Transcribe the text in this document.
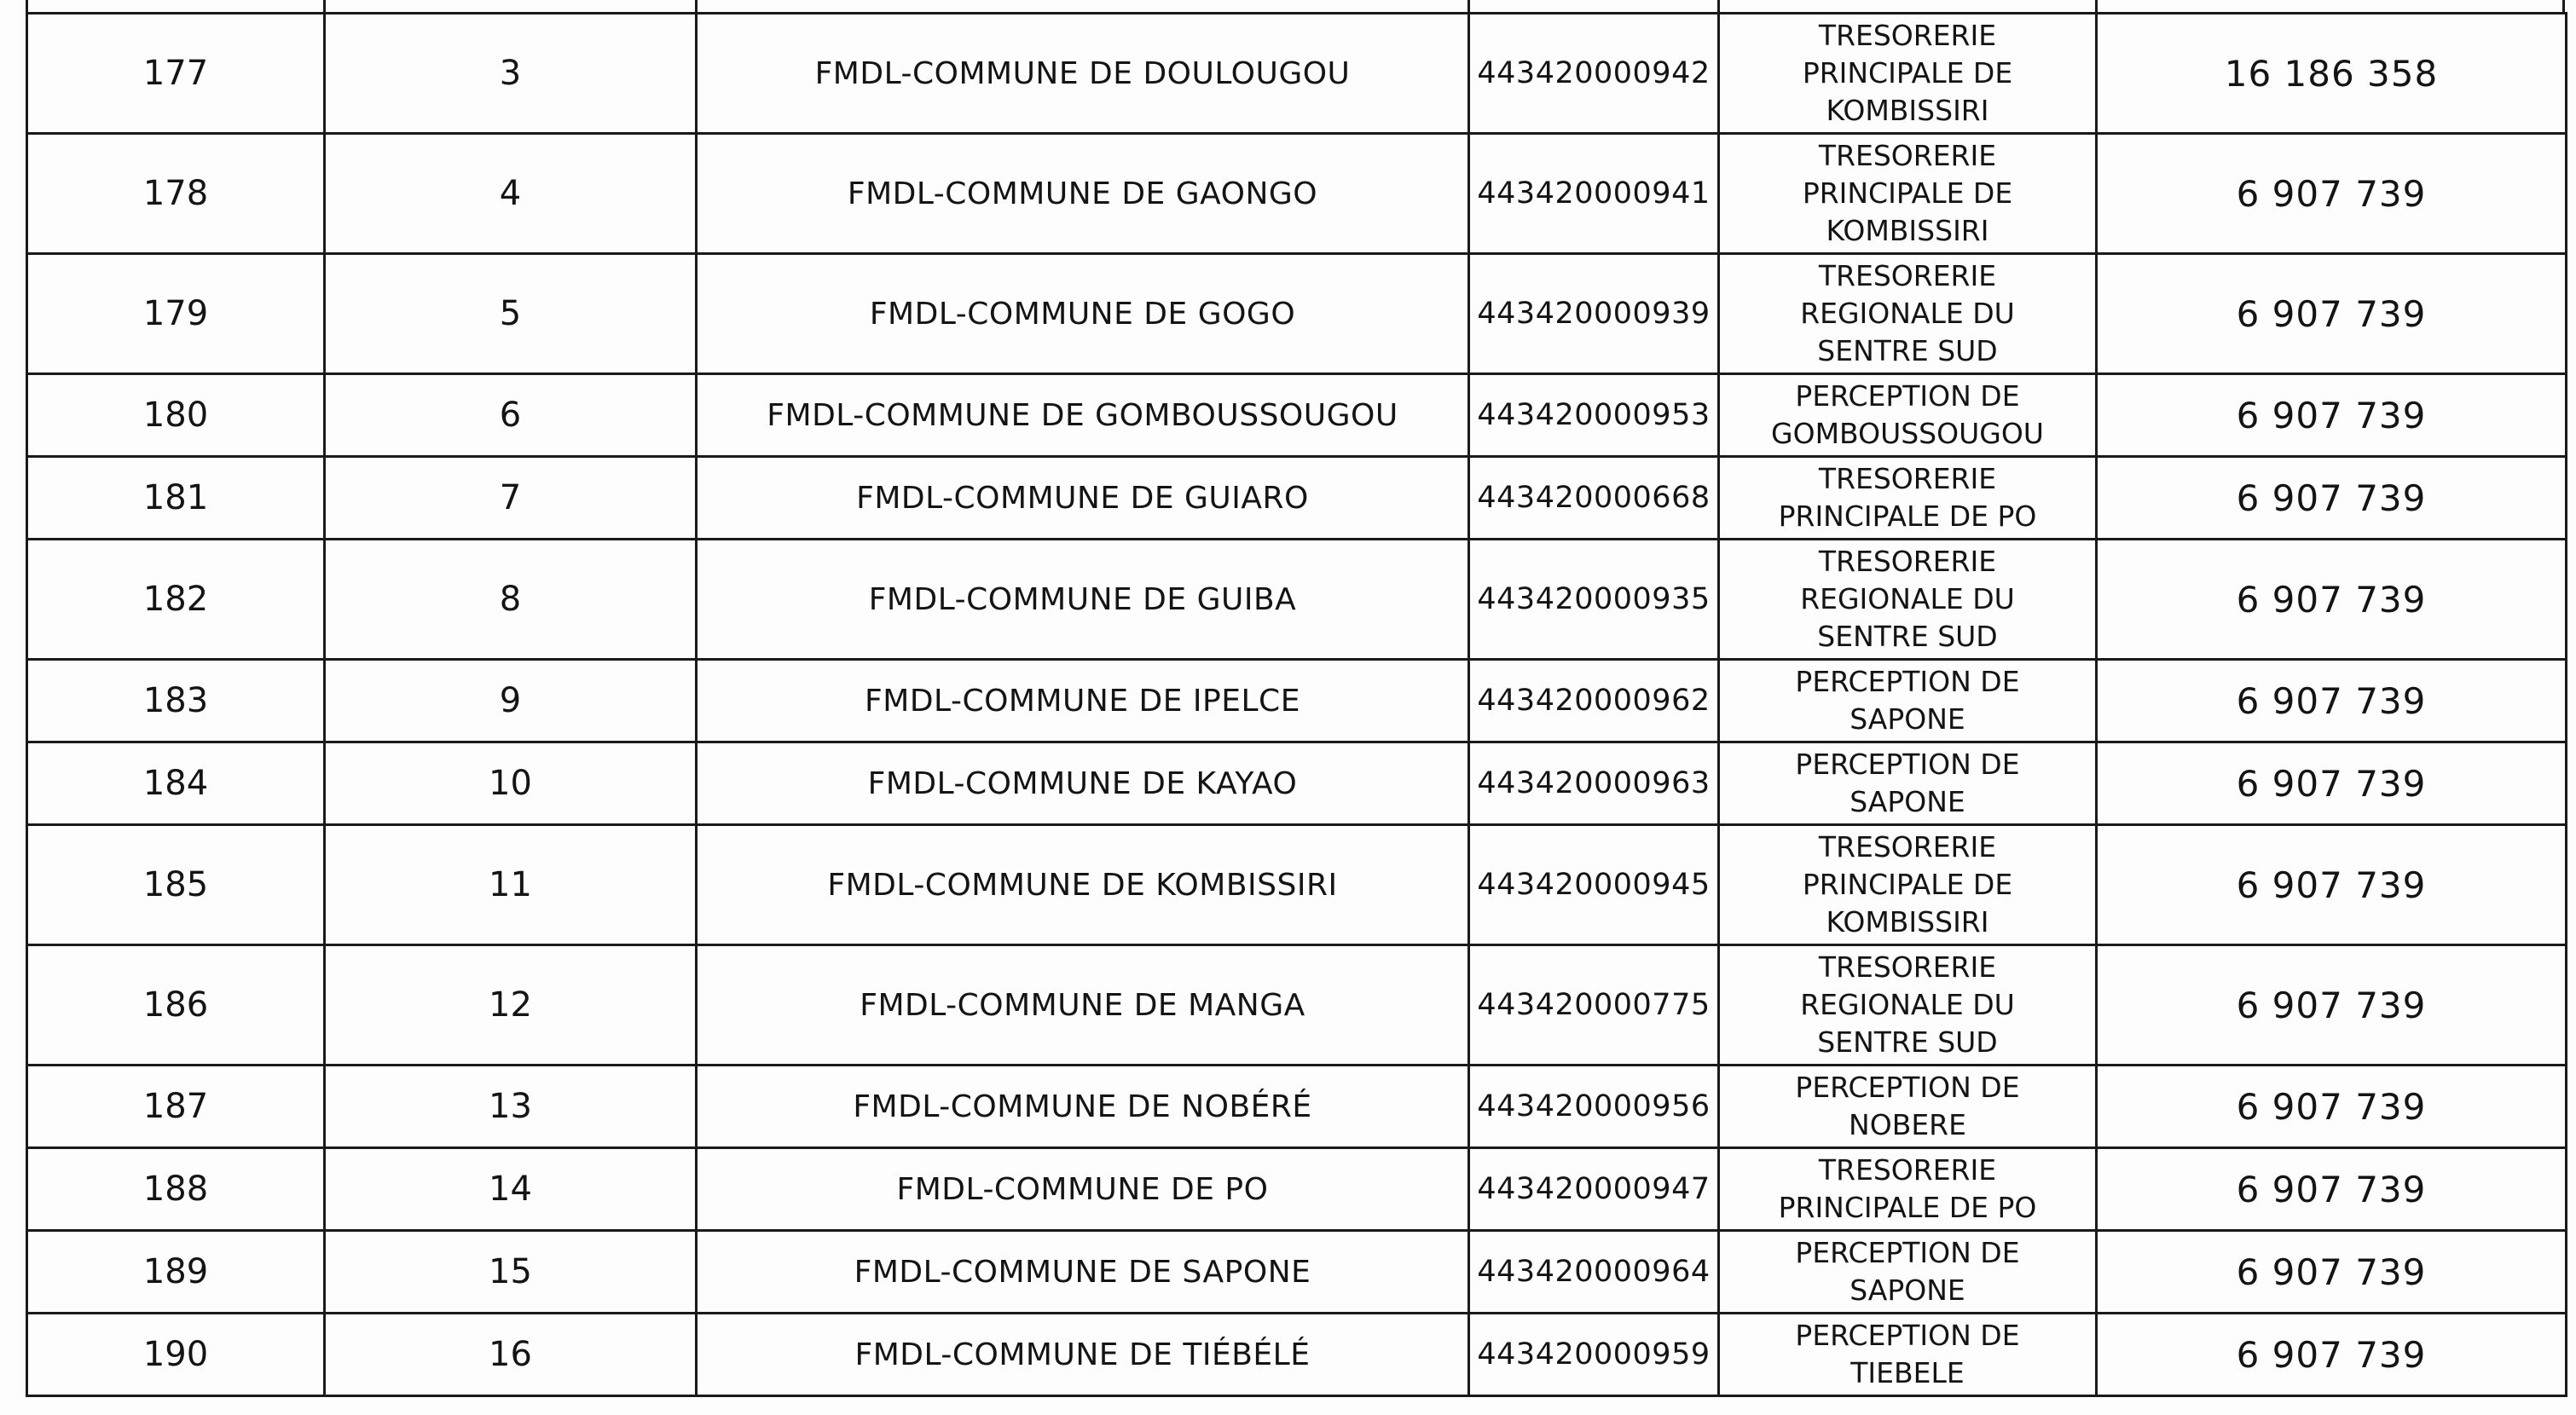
177	3	FMDL-COMMUNE DE DOULOUGOU	443420000942	TRESORERIE
PRINCIPALE DE
KOMBISSIRI	16 186 358
178	4	FMDL-COMMUNE DE GAONGO	443420000941	TRESORERIE
PRINCIPALE DE
KOMBISSIRI	6 907 739
179	5	FMDL-COMMUNE DE GOGO	443420000939	TRESORERIE
REGIONALE DU
SENTRE SUD	6 907 739
180	6	FMDL-COMMUNE DE GOMBOUSSOUGOU	443420000953	PERCEPTION DE
GOMBOUSSOUGOU	6 907 739
181	7	FMDL-COMMUNE DE GUIARO	443420000668	TRESORERIE
PRINCIPALE DE PO	6 907 739
182	8	FMDL-COMMUNE DE GUIBA	443420000935	TRESORERIE
REGIONALE DU
SENTRE SUD	6 907 739
183	9	FMDL-COMMUNE DE IPELCE	443420000962	PERCEPTION DE
SAPONE	6 907 739
184	10	FMDL-COMMUNE DE KAYAO	443420000963	PERCEPTION DE
SAPONE	6 907 739
185	11	FMDL-COMMUNE DE KOMBISSIRI	443420000945	TRESORERIE
PRINCIPALE DE
KOMBISSIRI	6 907 739
186	12	FMDL-COMMUNE DE MANGA	443420000775	TRESORERIE
REGIONALE DU
SENTRE SUD	6 907 739
187	13	FMDL-COMMUNE DE NOBÉRÉ	443420000956	PERCEPTION DE
NOBERE	6 907 739
188	14	FMDL-COMMUNE DE PO	443420000947	TRESORERIE
PRINCIPALE DE PO	6 907 739
189	15	FMDL-COMMUNE DE SAPONE	443420000964	PERCEPTION DE
SAPONE	6 907 739
190	16	FMDL-COMMUNE DE TIÉBÉLÉ	443420000959	PERCEPTION DE
TIEBELE	6 907 739
